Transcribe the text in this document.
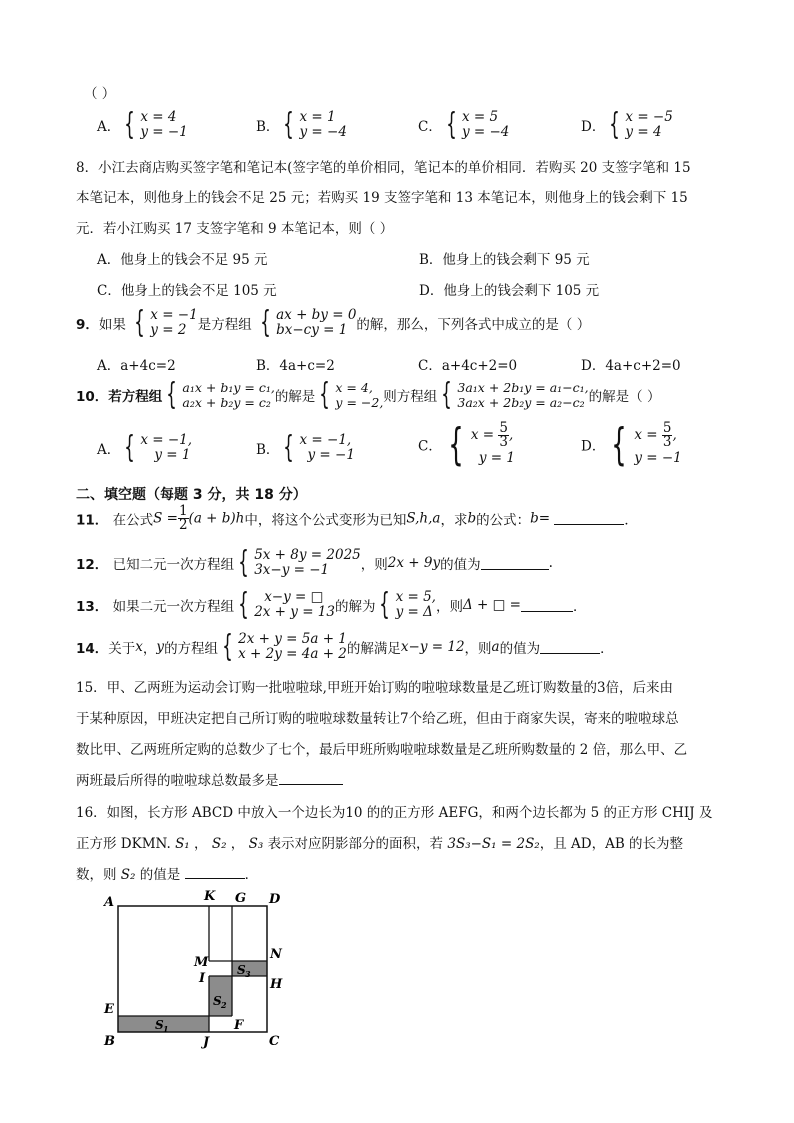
（ ）
A． { x = 4
y = −1	B． { x = 1
y = −4	C． { x = 5
y = −4	D． { x = −5
y = 4
8．小江去商店购买签字笔和笔记本(签字笔的单价相同，笔记本的单价相同．若购买 20 支签字笔和 15
本笔记本，则他身上的钱会不足 25 元；若购买 19 支签字笔和 13 本笔记本，则他身上的钱会剩下 15
元．若小江购买 17 支签字笔和 9 本笔记本，则（ ）
A．他身上的钱会不足 95 元	B．他身上的钱会剩下 95 元
C．他身上的钱会不足 105 元	D．他身上的钱会剩下 105 元
9．如果 { x = −1
y = 2 是方程组 { ax + by = 0
bx−cy = 1 的解，那么，下列各式中成立的是（ ）
A．a+4c=2	B．4a+c=2	C．a+4c+2=0	D．4a+c+2=0
10．若方程组 { a₁x + b₁y = c₁,
a₂x + b₂y = c₂ 的解是 { x = 4,
y = −2, 则方程组 { 3a₁x + 2b₁y = a₁−c₁,
3a₂x + 2b₂y = a₂−c₂ 的解是（ ）
A． { x = −1,
y = 1	B． { x = −1,
y = −1
C． { $x = \frac{5}{3}$ ,
y = 1
D． { $x = \frac{5}{3}$ ,
y = −1
二、填空题（每题 3 分，共 18 分）
11． 在公式$S = \frac{1}{2} (a + b)h$中，将这个公式变形为已知S,h,a，求b的公式：b=	．
12． 已知二元一次方程组 { 5x + 8y = 2025
3x−y = −1	，则2x + 9y的值为	.
13． 如果二元一次方程组 {	x−y = □
2x + y = 13 的解为 { x = 5,
y = Δ ，则Δ + □ =	．
14．关于x，y的方程组 { 2x + y = 5a + 1
x + 2y = 4a + 2 的解满足x−y = 12，则a的值为	．
15．甲、乙两班为运动会订购一批啦啦球,甲班开始订购的啦啦球数量是乙班订购数量的3倍，后来由
于某种原因，甲班决定把自己所订购的啦啦球数量转让7个给乙班，但由于商家失误，寄来的啦啦球总
数比甲、乙两班所定购的总数少了七个，最后甲班所购啦啦球数量是乙班所购数量的 2 倍，那么甲、乙
两班最后所得的啦啦球总数最多是
16．如图，长方形 ABCD 中放入一个边长为10 的的正方形 AEFG，和两个边长都为 5 的正方形 CHIJ 及
正方形 DKMN. S₁ ， S₂ ， S₃ 表示对应阴影部分的面积，若 3S₃−S₁ = 2S₂，且 AD，AB 的长为整
数，则 S₂ 的值是	．
A
B	C
D
E
F
G
H
I
J
K
M
N
S 1
S 2
S 3
